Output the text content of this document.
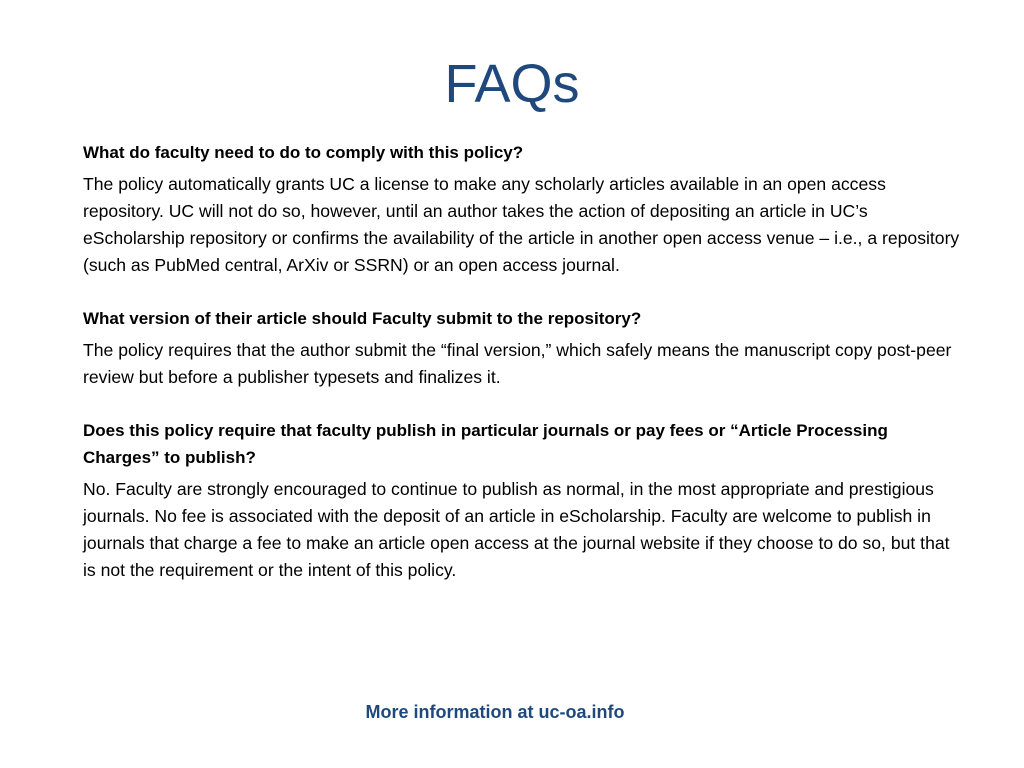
FAQs

What do faculty need to do to comply with this policy?

The policy automatically grants UC a license to make any scholarly articles available in an open access repository. UC will not do so, however, until an author takes the action of depositing an article in UC’s eScholarship repository or confirms the availability of the article in another open access venue – i.e., a repository (such as PubMed central, ArXiv or SSRN) or an open access journal.

What version of their article should Faculty submit to the repository?

The policy requires that the author submit the “final version,” which safely means the manuscript copy post-peer review but before a publisher typesets and finalizes it.

Does this policy require that faculty publish in particular journals or pay fees or “Article Processing Charges” to publish?

No. Faculty are strongly encouraged to continue to publish as normal, in the most appropriate and prestigious journals. No fee is associated with the deposit of an article in eScholarship. Faculty are welcome to publish in journals that charge a fee to make an article open access at the journal website if they choose to do so, but that is not the requirement or the intent of this policy.

More information at uc-oa.info
